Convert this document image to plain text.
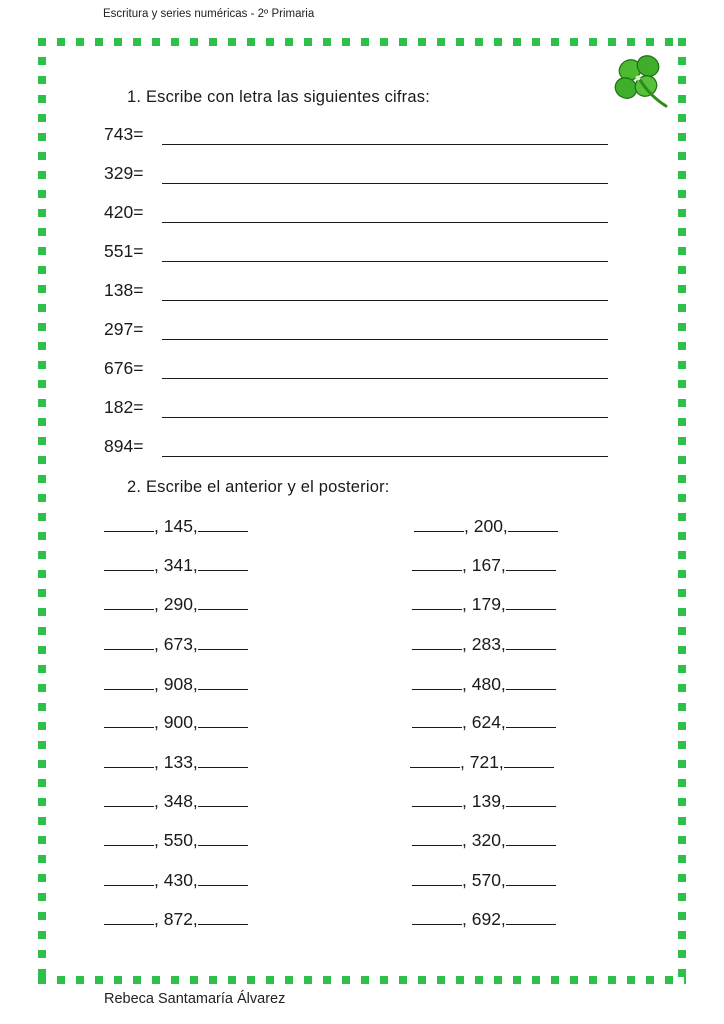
Escritura y series numéricas - 2º Primaria
1. Escribe con letra las siguientes cifras:
743=
329=
420=
551=
138=
297=
676=
182=
894=
2. Escribe el anterior y el posterior:
, 145,
, 341,
, 290,
, 673,
, 908,
, 900,
, 133,
, 348,
, 550,
, 430,
, 872,
, 200,
, 167,
, 179,
, 283,
, 480,
, 624,
, 721,
, 139,
, 320,
, 570,
, 692,
Rebeca Santamaría Álvarez
